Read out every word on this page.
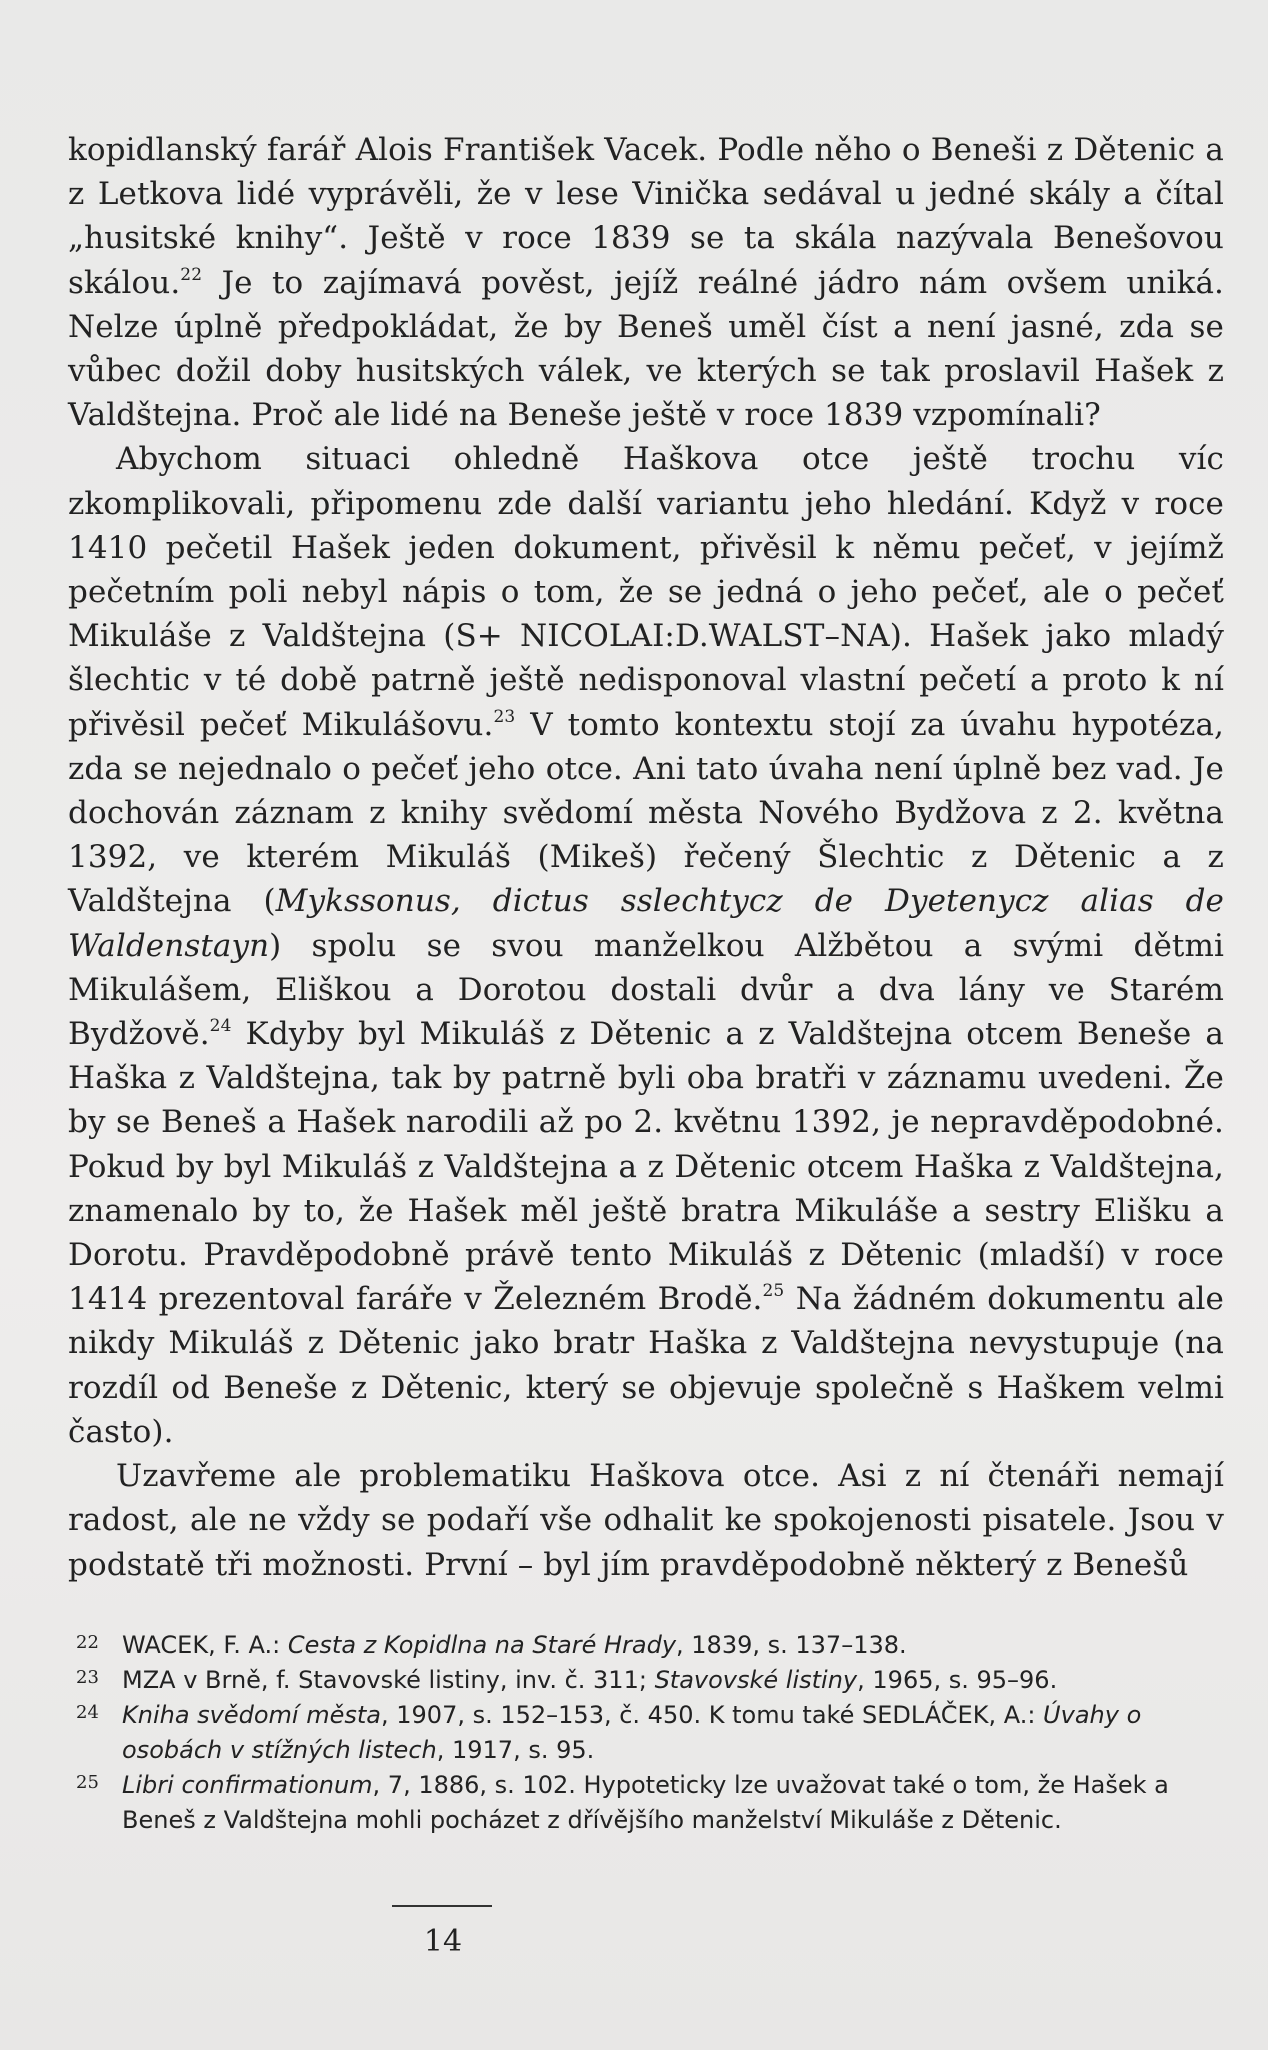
kopidlanský farář Alois František Vacek. Podle něho o Beneši z Dětenic a z Letkova lidé vyprávěli, že v lese Vinička sedával u jedné skály a čítal „husitské knihy“. Ještě v roce 1839 se ta skála nazývala Benešovou skálou.$^{22}$ Je to zajímavá pověst, jejíž reálné jádro nám ovšem uniká. Nelze úplně předpokládat, že by Beneš uměl číst a není jasné, zda se vůbec dožil doby husitských válek, ve kterých se tak proslavil Hašek z Valdštejna. Proč ale lidé na Beneše ještě v roce 1839 vzpomínali?

Abychom situaci ohledně Haškova otce ještě trochu víc zkomplikovali, připomenu zde další variantu jeho hledání. Když v roce 1410 pečetil Hašek jeden dokument, přivěsil k němu pečeť, v jejímž pečetním poli nebyl nápis o tom, že se jedná o jeho pečeť, ale o pečeť Mikuláše z Valdštejna (S+ NICOLAI:D.WALST–NA). Hašek jako mladý šlechtic v té době patrně ještě nedisponoval vlastní pečetí a proto k ní přivěsil pečeť Mikulášovu.$^{23}$ V tomto kontextu stojí za úvahu hypotéza, zda se nejednalo o pečeť jeho otce. Ani tato úvaha není úplně bez vad. Je dochován záznam z knihy svědomí města Nového Bydžova z 2. května 1392, ve kterém Mikuláš (Mikeš) řečený Šlechtic z Dětenic a z Valdštejna (Mykssonus, dictus sslechtycz de Dyetenycz alias de Waldenstayn) spolu se svou manželkou Alžbětou a svými dětmi Mikulášem, Eliškou a Dorotou dostali dvůr a dva lány ve Starém Bydžově.$^{24}$ Kdyby byl Mikuláš z Dětenic a z Valdštejna otcem Beneše a Haška z Valdštejna, tak by patrně byli oba bratři v záznamu uvedeni. Že by se Beneš a Hašek narodili až po 2. květnu 1392, je nepravděpodobné. Pokud by byl Mikuláš z Valdštejna a z Dětenic otcem Haška z Valdštejna, znamenalo by to, že Hašek měl ještě bratra Mikuláše a sestry Elišku a Dorotu. Pravděpodobně právě tento Mikuláš z Dětenic (mladší) v roce 1414 prezentoval faráře v Železném Brodě.$^{25}$ Na žádném dokumentu ale nikdy Mikuláš z Dětenic jako bratr Haška z Valdštejna nevystupuje (na rozdíl od Beneše z Dětenic, který se objevuje společně s Haškem velmi často).

Uzavřeme ale problematiku Haškova otce. Asi z ní čtenáři nemají radost, ale ne vždy se podaří vše odhalit ke spokojenosti pisatele. Jsou v podstatě tři možnosti. První – byl jím pravděpodobně některý z Benešů

22 WACEK, F. A.: Cesta z Kopidlna na Staré Hrady, 1839, s. 137–138.
23 MZA v Brně, f. Stavovské listiny, inv. č. 311; Stavovské listiny, 1965, s. 95–96.
24 Kniha svědomí města, 1907, s. 152–153, č. 450. K tomu také SEDLÁČEK, A.: Úvahy o osobách v stížných listech, 1917, s. 95.
25 Libri confirmationum, 7, 1886, s. 102. Hypoteticky lze uvažovat také o tom, že Hašek a Beneš z Valdštejna mohli pocházet z dřívějšího manželství Mikuláše z Dětenic.
14
